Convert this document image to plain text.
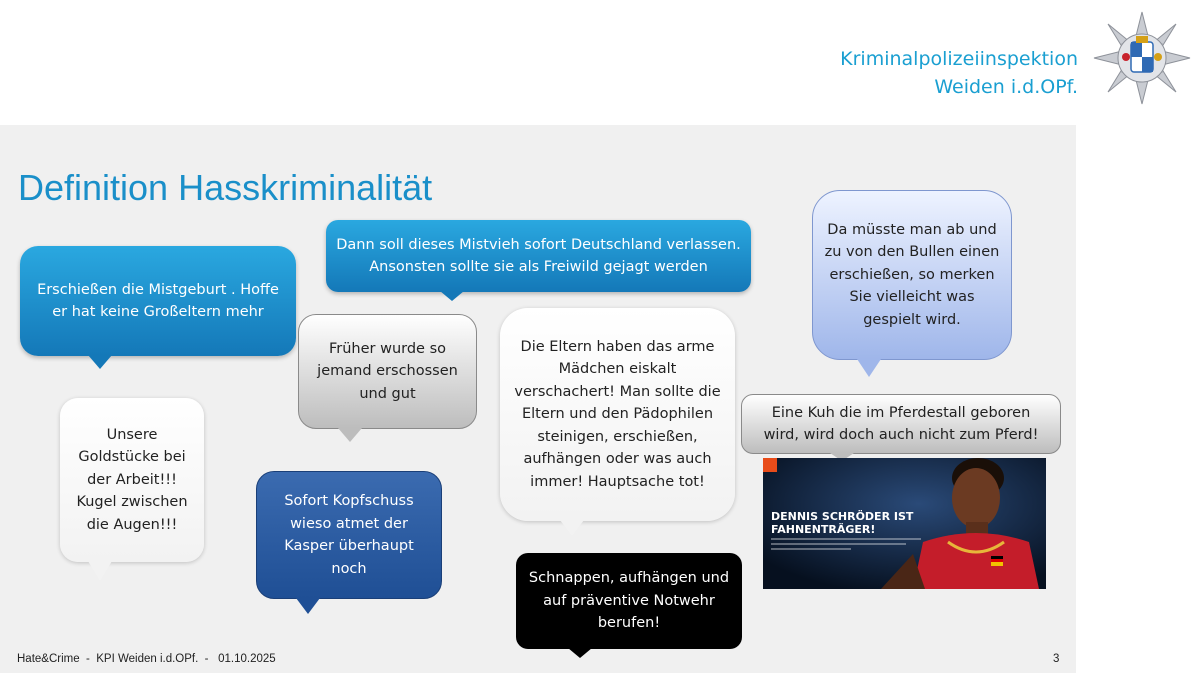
Kriminalpolizeiinspektion
Weiden i.d.OPf.
Definition Hasskriminalität
Erschießen die Mistgeburt . Hoffe er hat keine Großeltern mehr
Dann soll dieses Mistvieh sofort Deutschland verlassen. Ansonsten sollte sie als Freiwild gejagt werden
Früher wurde so jemand erschossen und gut
Die Eltern haben das arme Mädchen eiskalt verschachert! Man sollte die Eltern und den Pädophilen steinigen, erschießen, aufhängen oder was auch immer! Hauptsache tot!
Da müsste man ab und zu von den Bullen einen erschießen, so merken Sie vielleicht was gespielt wird.
Unsere Goldstücke bei der Arbeit!!! Kugel zwischen die Augen!!!
Sofort Kopfschuss wieso atmet der Kasper überhaupt noch
Eine Kuh die im Pferdestall geboren wird, wird doch auch nicht zum Pferd!
DENNIS SCHRÖDER IST
FAHNENTRÄGER!
Schnappen, aufhängen und auf präventive Notwehr berufen!
Hate&Crime  -  KPI Weiden i.d.OPf.  -   01.10.2025	3
